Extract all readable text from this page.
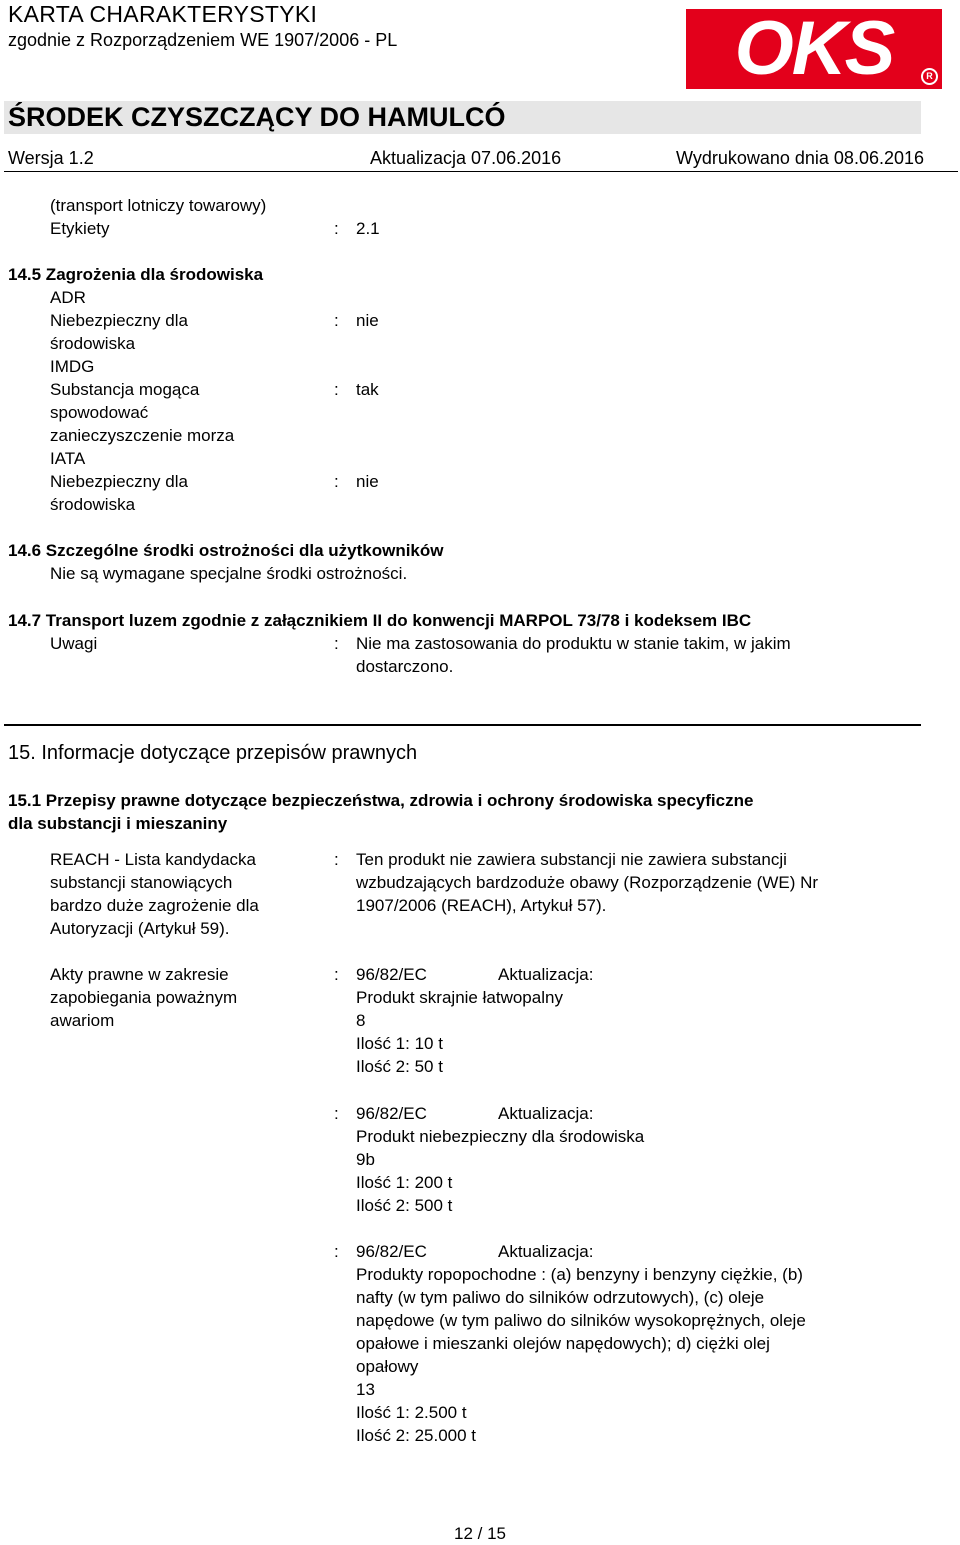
KARTA CHARAKTERYSTYKI
zgodnie z Rozporządzeniem WE 1907/2006 - PL	OKS	R
ŚRODEK CZYSZCZĄCY DO HAMULCÓ
Wersja 1.2	Aktualizacja 07.06.2016	Wydrukowano dnia 08.06.2016
(transport lotniczy towarowy)
Etykiety	: 2.1
14.5 Zagrożenia dla środowiska
ADR
Niebezpieczny dla
środowiska
: nie
IMDG
Substancja mogąca
spowodować
zanieczyszczenie morza
: tak
IATA
Niebezpieczny dla
środowiska
: nie
14.6 Szczególne środki ostrożności dla użytkowników
Nie są wymagane specjalne środki ostrożności.
14.7 Transport luzem zgodnie z załącznikiem II do konwencji MARPOL 73/78 i kodeksem IBC
Uwagi	: Nie ma zastosowania do produktu w stanie takim, w jakim
dostarczono.
15. Informacje dotyczące przepisów prawnych
15.1 Przepisy prawne dotyczące bezpieczeństwa, zdrowia i ochrony środowiska specyficzne
dla substancji i mieszaniny
REACH - Lista kandydacka
substancji stanowiących
bardzo duże zagrożenie dla
Autoryzacji (Artykuł 59).
: Ten produkt nie zawiera substancji nie zawiera substancji
wzbudzających bardzoduże obawy (Rozporządzenie (WE) Nr
1907/2006 (REACH), Artykuł 57).
Akty prawne w zakresie
zapobiegania poważnym
awariom
: 96/82/EC	Aktualizacja:
Produkt skrajnie łatwopalny
8
Ilość 1: 10 t
Ilość 2: 50 t
: 96/82/EC	Aktualizacja:
Produkt niebezpieczny dla środowiska
9b
Ilość 1: 200 t
Ilość 2: 500 t
: 96/82/EC	Aktualizacja:
Produkty ropopochodne : (a) benzyny i benzyny ciężkie, (b)
nafty (w tym paliwo do silników odrzutowych), (c) oleje
napędowe (w tym paliwo do silników wysokoprężnych, oleje
opałowe i mieszanki olejów napędowych); d) ciężki olej
opałowy
13
Ilość 1: 2.500 t
Ilość 2: 25.000 t
12 / 15
